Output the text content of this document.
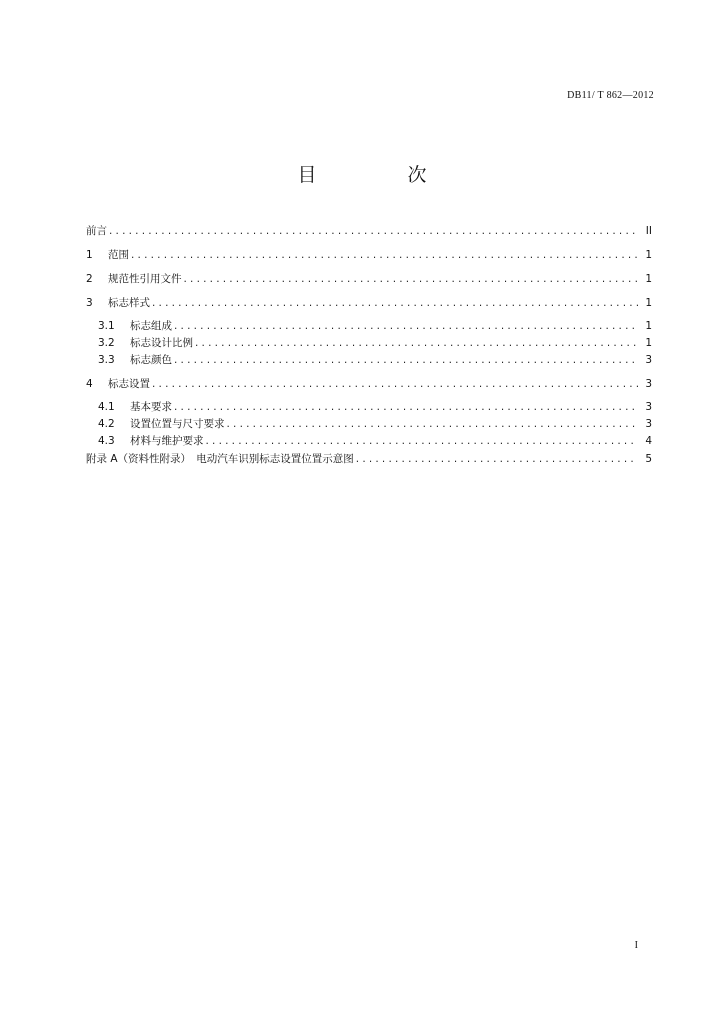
DB11/ T 862—2012
目　次
前言 .....	II
1	范围 .....	1
2	规范性引用文件 .....	1
3	标志样式 .....	1
3.1	标志组成 .....	1
3.2	标志设计比例 .....	1
3.3	标志颜色 .....	3
4	标志设置 .....	3
4.1	基本要求 .....	3
4.2	设置位置与尺寸要求 .....	3
4.3	材料与维护要求 .....	4
附录 A（资料性附录）　电动汽车识别标志设置位置示意图 .....	5
I
